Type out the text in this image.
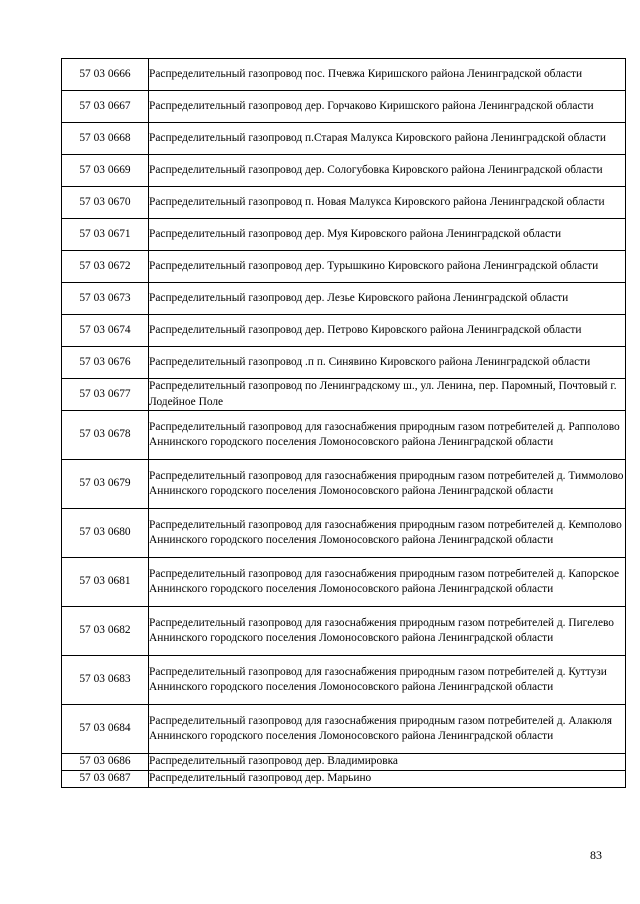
57 03 0666	Распределительный газопровод пос. Пчевжа Киришского района Ленинградской области
57 03 0667	Распределительный газопровод дер. Горчаково Киришского района Ленинградской области
57 03 0668	Распределительный газопровод п.Старая Малукса Кировского района Ленинградской области
57 03 0669	Распределительный газопровод дер. Сологубовка Кировского района Ленинградской области
57 03 0670	Распределительный газопровод п. Новая Малукса Кировского района Ленинградской области
57 03 0671	Распределительный газопровод дер. Муя Кировского района Ленинградской области
57 03 0672	Распределительный газопровод дер. Турышкино Кировского района Ленинградской области
57 03 0673	Распределительный газопровод дер. Лезье Кировского района Ленинградской области
57 03 0674	Распределительный газопровод дер. Петрово Кировского района Ленинградской области
57 03 0676	Распределительный газопровод .п п. Синявино Кировского района Ленинградской области
57 03 0677	Распределительный газопровод по Ленинградскому ш., ул. Ленина, пер. Паромный, Почтовый г. Лодейное Поле
57 03 0678	Распределительный газопровод для газоснабжения природным газом потребителей д. Рапполово Аннинского городского поселения Ломоносовского района Ленинградской области
57 03 0679	Распределительный газопровод для газоснабжения природным газом потребителей д. Тиммолово Аннинского городского поселения Ломоносовского района Ленинградской области
57 03 0680	Распределительный газопровод для газоснабжения природным газом потребителей д. Кемполово Аннинского городского поселения Ломоносовского района Ленинградской области
57 03 0681	Распределительный газопровод для газоснабжения природным газом потребителей д. Капорское Аннинского городского поселения Ломоносовского района Ленинградской области
57 03 0682	Распределительный газопровод для газоснабжения природным газом потребителей д. Пигелево Аннинского городского поселения Ломоносовского района Ленинградской области
57 03 0683	Распределительный газопровод для газоснабжения природным газом потребителей д. Куттузи Аннинского городского поселения Ломоносовского района Ленинградской области
57 03 0684	Распределительный газопровод для газоснабжения природным газом потребителей д. Алакюля Аннинского городского поселения Ломоносовского района Ленинградской области
57 03 0686	Распределительный газопровод дер. Владимировка
57 03 0687	Распределительный газопровод дер. Марьино
83
